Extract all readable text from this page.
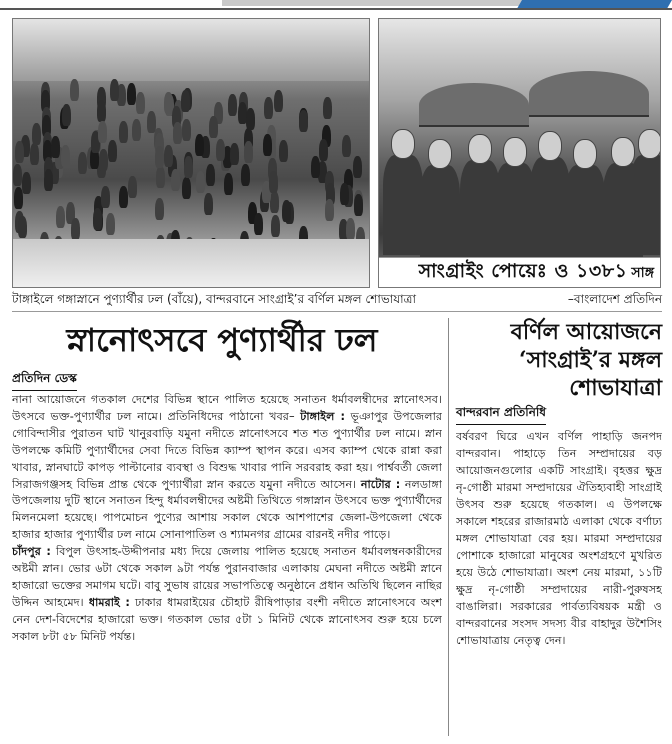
সাংগ্রাইং পোয়েঃ ও ১৩৮১ সাঙ্গ
টাঙ্গাইলে গঙ্গাস্নানে পুণ্যার্থীর ঢল (বাঁয়ে), বান্দরবানে সাংগ্রাই’র বর্ণিল মঙ্গল শোভাযাত্রা	–বাংলাদেশ প্রতিদিন
স্নানোৎসবে পুণ্যার্থীর ঢল
প্রতিদিন ডেস্ক

নানা আয়োজনে গতকাল দেশের বিভিন্ন স্থানে পালিত হয়েছে সনাতন ধর্মাবলম্বীদের স্নানোৎসব। উৎসবে ভক্ত-পুণ্যার্থীর ঢল নামে। প্রতিনিধিদের পাঠানো খবর– টাঙ্গাইল : ভূঞাপুর উপজেলার গোবিন্দাসীর পুরাতন ঘাট খানুরবাড়ি যমুনা নদীতে স্নানোৎসবে শত শত পুণ্যার্থীর ঢল নামে। স্নান উপলক্ষে কমিটি পুণ্যার্থীদের সেবা দিতে বিভিন্ন ক্যাম্প স্থাপন করে। এসব ক্যাম্প থেকে রান্না করা খাবার, স্নানঘাটে কাপড় পাল্টানোর ব্যবস্থা ও বিশুদ্ধ খাবার পানি সরবরাহ করা হয়। পার্শ্ববর্তী জেলা সিরাজগঞ্জসহ বিভিন্ন প্রান্ত থেকে পুণ্যার্থীরা স্নান করতে যমুনা নদীতে আসেন। নাটোর : নলডাঙ্গা উপজেলায় দুটি স্থানে সনাতন হিন্দু ধর্মাবলম্বীদের অষ্টমী তিথিতে গঙ্গাস্নান উৎসবে ভক্ত পুণ্যার্থীদের মিলনমেলা হয়েছে। পাপমোচন পুণ্যের আশায় সকাল থেকে আশপাশের জেলা-উপজেলা থেকে হাজার হাজার পুণ্যার্থীর ঢল নামে সোনাপাতিল ও শ্যামনগর গ্রামের বারনই নদীর পাড়ে।

চাঁদপুর : বিপুল উৎসাহ-উদ্দীপনার মধ্য দিয়ে জেলায় পালিত হয়েছে সনাতন ধর্মাবলম্বনকারীদের অষ্টমী স্নান। ভোর ৬টা থেকে সকাল ৯টা পর্যন্ত পুরানবাজার এলাকায় মেঘনা নদীতে অষ্টমী স্নানে হাজারো ভক্তের সমাগম ঘটে। বাবু সুভাষ রায়ের সভাপতিত্বে অনুষ্ঠানে প্রধান অতিথি ছিলেন নাছির উদ্দিন আহমেদ। ধামরাই : ঢাকার ধামরাইয়ের চৌহাট রীষিপাড়ার বংশী নদীতে স্নানোৎসবে অংশ নেন দেশ-বিদেশের হাজারো ভক্ত। গতকাল ভোর ৫টা ১ মিনিট থেকে স্নানোৎসব শুরু হয়ে চলে সকাল ৮টা ৫৮ মিনিট পর্যন্ত।

বর্ণিল আয়োজনে
‘সাংগ্রাই’র মঙ্গল
শোভাযাত্রা
বান্দরবান প্রতিনিধি
বর্ষবরণ ঘিরে এখন বর্ণিল পাহাড়ি জনপদ বান্দরবান। পাহাড়ে তিন সম্প্রদায়ের বড় আয়োজনগুলোর একটি সাংগ্রাই। বৃহত্তর ক্ষুদ্র নৃ-গোষ্ঠী মারমা সম্প্রদায়ের ঐতিহ্যবাহী সাংগ্রাই উৎসব শুরু হয়েছে গতকাল। এ উপলক্ষে সকালে শহরের রাজারমাঠ এলাকা থেকে বর্ণাঢ্য মঙ্গল শোভাযাত্রা বের হয়। মারমা সম্প্রদায়ের পোশাকে হাজারো মানুষের অংশগ্রহণে মুখরিত হয়ে উঠে শোভাযাত্রা। অংশ নেয় মারমা, ১১টি ক্ষুদ্র নৃ-গোষ্ঠী সম্প্রদায়ের নারী-পুরুষসহ বাঙালিরা। সরকারের পার্বত্যবিষয়ক মন্ত্রী ও বান্দরবানের সংসদ সদস্য বীর বাহাদুর উশৈসিং শোভাযাত্রায় নেতৃত্ব দেন।
